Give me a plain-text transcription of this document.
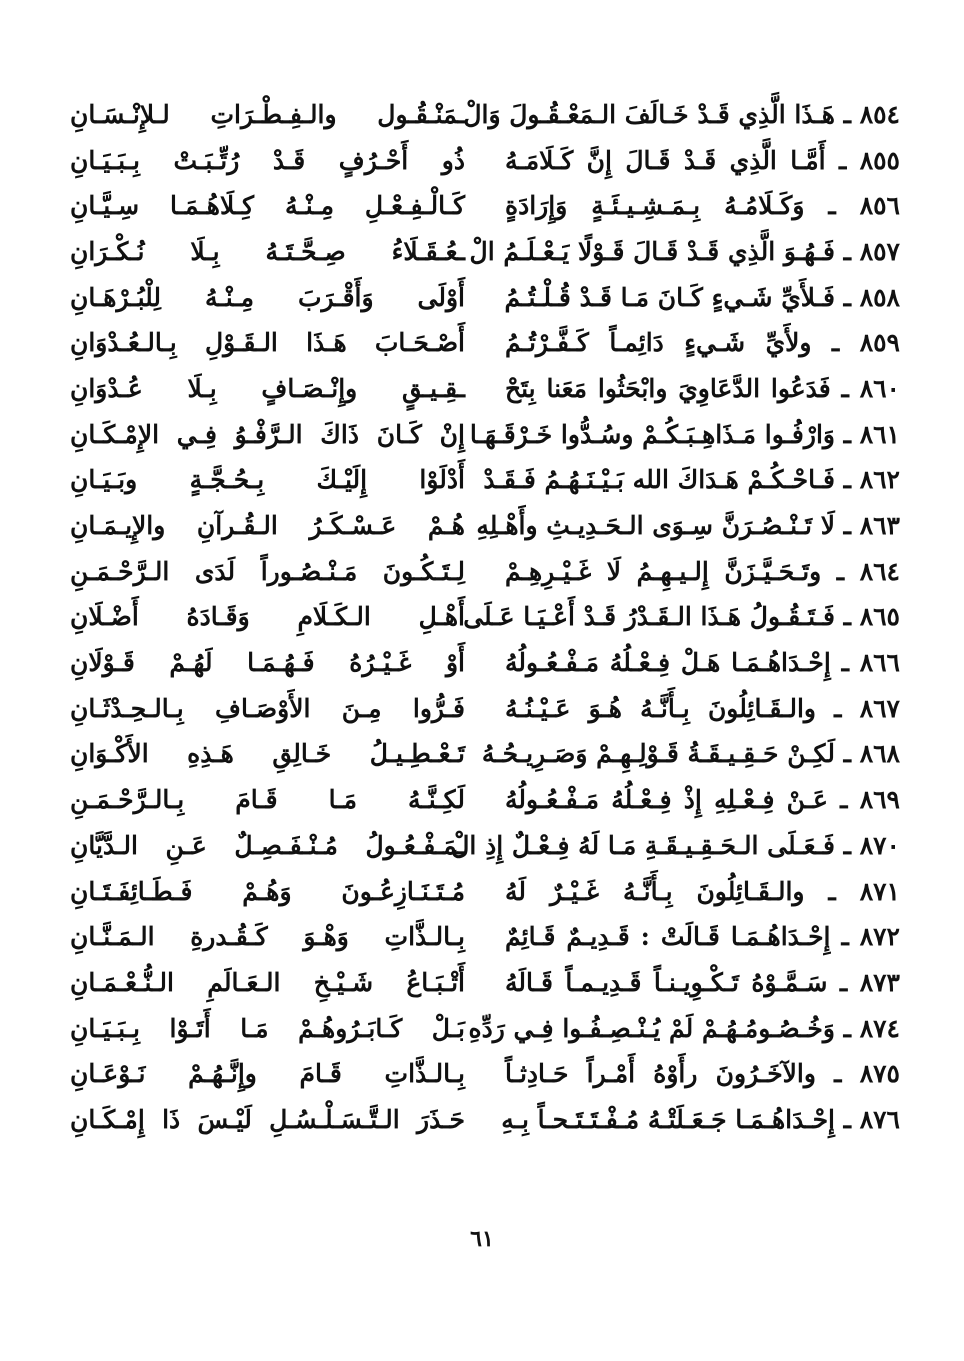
٨٥٤ ـ هَـذَا الَّذِي قَـدْ خَـالَفَ الـمَعْـقُـولَ وَالْ
ـمَنْـقُـول والـفِـطْـرَاتِ لـلإِنْـسَـانِ
٨٥٥ ـ أَمَّـا الَّذِي قَـدْ قَـالَ إِنَّ كَـلَامَـهُ
ذُو أَحْـرُفٍ قَـدْ رُتِّـبَـتْ بِـبَـيَـانِ
٨٥٦ ـ وَكَـلَامُـهُ بِـمَـشِـيـئَـةٍ وَإِرَادَةٍ
كَـالْـفِـعْـلِ مِـنْـهُ كِـلَاهُـمَـا سِـيَّـانِ
٨٥٧ ـ فَـهُـوَ الَّذِي قَـدْ قَـالَ قَـوْلًا يَـعْـلَـمُ الْ
ـعُـقَـلَاءُ صِـحَّـتَـهُ بِـلَا نُـكْـرَانِ
٨٥٨ ـ فَـلأَيِّ شَـيءٍ كَـانَ مَـا قَـدْ قُـلْـتُـمُ
أَوْلَى وَأَقْـرَبَ مِـنْـهُ لِلْبُـرْهَـانِ
٨٥٩ ـ ولأَيِّ شَـيءٍ دَائِمـاً كَـفَّـرْتُـمُ
أَصْـحَـابَ هَـذَا الـقَـوْلِ بِـالـعُـدْوَانِ
٨٦٠ ـ فَدَعُوا الدَّعَاوِيَ وابْحَثُوا مَعَنا بِتَحْ
ـقِـيـقٍ وإِنْـصَـافٍ بِـلَا عُـدْوَانِ
٨٦١ ـ وَارْفُـوا مَـذَاهِـبَـكُـمْ وسُـدُّوا خَـرْقَـهَـا
إِنْ كَـانَ ذَاكَ الـرَّفْـوُ فِـي الإِمْـكَـانِ
٨٦٢ ـ فَـاحْـكُـمْ هَـدَاكَ الله بَـيْـنَـهُـمُ فَـقَـدْ
أَدْلَوْا إِلَيْـكَ بِـحُـجَّـةٍ وبَـيَـانِ
٨٦٣ ـ لَا تَـنْـصُـرَنَّ سِـوَى الـحَـدِيـثِ وأَهْـلِهِ
هُـمْ عَـسْـكَـرُ الـقُـرآنِ والإِيـمَـانِ
٨٦٤ ـ وتَـحَـيَّـزَنَّ إِلـيـهِـمُ لَا غَـيْـرِهِـمْ
لِـتَـكُـونَ مَـنْـصُـوراً لَدَى الـرَّحْـمَـنِ
٨٦٥ ـ فَـتَـقُـولُ هَـذَا الـقَـدْرُ قَـدْ أَعْـيَـا عَـلَى
أَهْـلِ الـكَـلَامِ وَقَـادَهُ أَضْـلَانِ
٨٦٦ ـ إِحْـدَاهُـمَـا هَـلْ فِـعْـلُهُ مَـفْـعُـولُهُ
أَوْ غَـيْـرُهُ فَـهُـمَـا لَهُـمْ قَـوْلَانِ
٨٦٧ ـ والـقَـائِلُونَ بِـأَنَّـهُ هُـوَ عَـيْـنُـهُ
فَـرُّوا مِـنَ الأَوْصَـافِ بِـالـحِـدْثَـانِ
٨٦٨ ـ لَكِـنْ حَـقِـيـقَـةُ قَـوْلِـهِـمْ وَصَـرِيـحُـهُ
تَـعْـطِـيـلُ خَـالِقِ هَـذِهِ الأَكْـوَانِ
٨٦٩ ـ عَـنْ فِـعْـلِهِ إِذْ فِـعْـلُهُ مَـفْـعُـولُهُ
لَكِـنَّـهُ مَـا قَـامَ بِـالـرَّحْـمَـنِ
٨٧٠ ـ فَـعَـلَى الـحَـقِـيـقَـةِ مَـا لَهُ فِـعْـلٌ إِذِ الْ
ـمَـفْـعُـولُ مُـنْـفَـصِـلٌ عَـنِ الـدَّيَّانِ
٨٧١ ـ والـقَـائِلُونَ بِـأَنَّـهُ غَـيْـرٌ لَهُ
مُـتَـنَـازِعُـونَ وَهُـمْ فَـطَـائِفَـتَـانِ
٨٧٢ ـ إِحْـدَاهُـمَـا قَـالَتْ : قَـدِيـمٌ قَـائِمٌ
بِـالـذَّاتِ وَهْـوَ كَـقُـدرةِ الـمَـنَّـانِ
٨٧٣ ـ سَـمَّـوْهُ تَـكْـوِيـنـاً قَـدِيـمـاً قَـالَهُ
أَتْـبَـاعُ شَـيْـخِ الـعَـالَمِ الـنُّـعْـمَـانِ
٨٧٤ ـ وَخُـصُـومُـهُـمْ لَمْ يُـنْـصِـفُـوا فِـي رَدِّهِ
بَـلْ كَـابَـرُوهُـمْ مَـا أَتَـوْا بِـبَـيَـانِ
٨٧٥ ـ والآخَـرُونَ رأَوْهُ أَمْـراً حَـادِثـاً
بِـالـذَّاتِ قَـامَ وإِنَّـهُـمْ نَـوْعَـانِ
٨٧٦ ـ إِحْـدَاهُـمَـا جَـعَـلَتْـهُ مُـفْـتَـتَـحـاً بِـهِ
حَـذَرَ الـتَّـسَـلْـسُـلِ لَيْـسَ ذَا إِمْـكَـانِ
٦١
